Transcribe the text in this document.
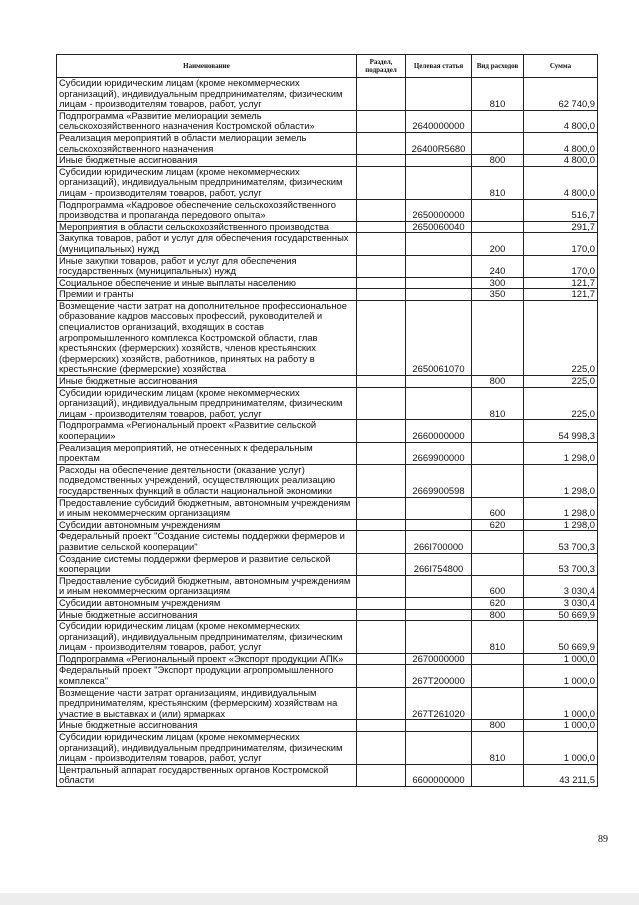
Наименование	Раздел, подраздел	Целевая статья	Вид расходов	Сумма
Субсидии юридическим лицам (кроме некоммерческих организаций), индивидуальным предпринимателям, физическим лицам - производителям товаров, работ, услуг			810	62 740,9
Подпрограмма «Развитие мелиорации земель сельскохозяйственного назначения Костромской области»		2640000000		4 800,0
Реализация мероприятий в области мелиорации земель сельскохозяйственного назначения		26400R5680		4 800,0
Иные бюджетные ассигнования			800	4 800,0
Субсидии юридическим лицам (кроме некоммерческих организаций), индивидуальным предпринимателям, физическим лицам - производителям товаров, работ, услуг			810	4 800,0
Подпрограмма «Кадровое обеспечение сельскохозяйственного производства и пропаганда передового опыта»		2650000000		516,7
Мероприятия в области сельскохозяйственного производства		2650060040		291,7
Закупка товаров, работ и услуг для обеспечения государственных (муниципальных) нужд			200	170,0
Иные закупки товаров, работ и услуг для обеспечения государственных (муниципальных) нужд			240	170,0
Социальное обеспечение и иные выплаты населению			300	121,7
Премии и гранты			350	121,7
Возмещение части затрат на дополнительное профессиональное образование кадров массовых профессий, руководителей и специалистов организаций, входящих в состав агропромышленного комплекса Костромской области, глав крестьянских (фермерских) хозяйств, членов крестьянских (фермерских) хозяйств, работников, принятых на работу в крестьянские (фермерские) хозяйства		2650061070		225,0
Иные бюджетные ассигнования			800	225,0
Субсидии юридическим лицам (кроме некоммерческих организаций), индивидуальным предпринимателям, физическим лицам - производителям товаров, работ, услуг			810	225,0
Подпрограмма «Региональный проект «Развитие сельской кооперации»		2660000000		54 998,3
Реализация мероприятий, не отнесенных к федеральным проектам		2669900000		1 298,0
Расходы на обеспечение деятельности (оказание услуг) подведомственных учреждений, осуществляющих реализацию государственных функций в области национальной экономики		2669900598		1 298,0
Предоставление субсидий бюджетным, автономным учреждениям и иным некоммерческим организациям			600	1 298,0
Субсидии автономным учреждениям			620	1 298,0
Федеральный проект "Создание системы поддержки фермеров и развитие сельской кооперации"		266I700000		53 700,3
Создание системы поддержки фермеров и развитие сельской кооперации		266I754800		53 700,3
Предоставление субсидий бюджетным, автономным учреждениям и иным некоммерческим организациям			600	3 030,4
Субсидии автономным учреждениям			620	3 030,4
Иные бюджетные ассигнования			800	50 669,9
Субсидии юридическим лицам (кроме некоммерческих организаций), индивидуальным предпринимателям, физическим лицам - производителям товаров, работ, услуг			810	50 669,9
Подпрограмма «Региональный проект «Экспорт продукции АПК»		2670000000		1 000,0
Федеральный проект "Экспорт продукции агропромышленного комплекса"		267T200000		1 000,0
Возмещение части затрат организациям, индивидуальным предпринимателям, крестьянским (фермерским) хозяйствам на участие в выставках и (или) ярмарках		267T261020		1 000,0
Иные бюджетные ассигнования			800	1 000,0
Субсидии юридическим лицам (кроме некоммерческих организаций), индивидуальным предпринимателям, физическим лицам - производителям товаров, работ, услуг			810	1 000,0
Центральный аппарат государственных органов Костромской области		6600000000		43 211,5
89
